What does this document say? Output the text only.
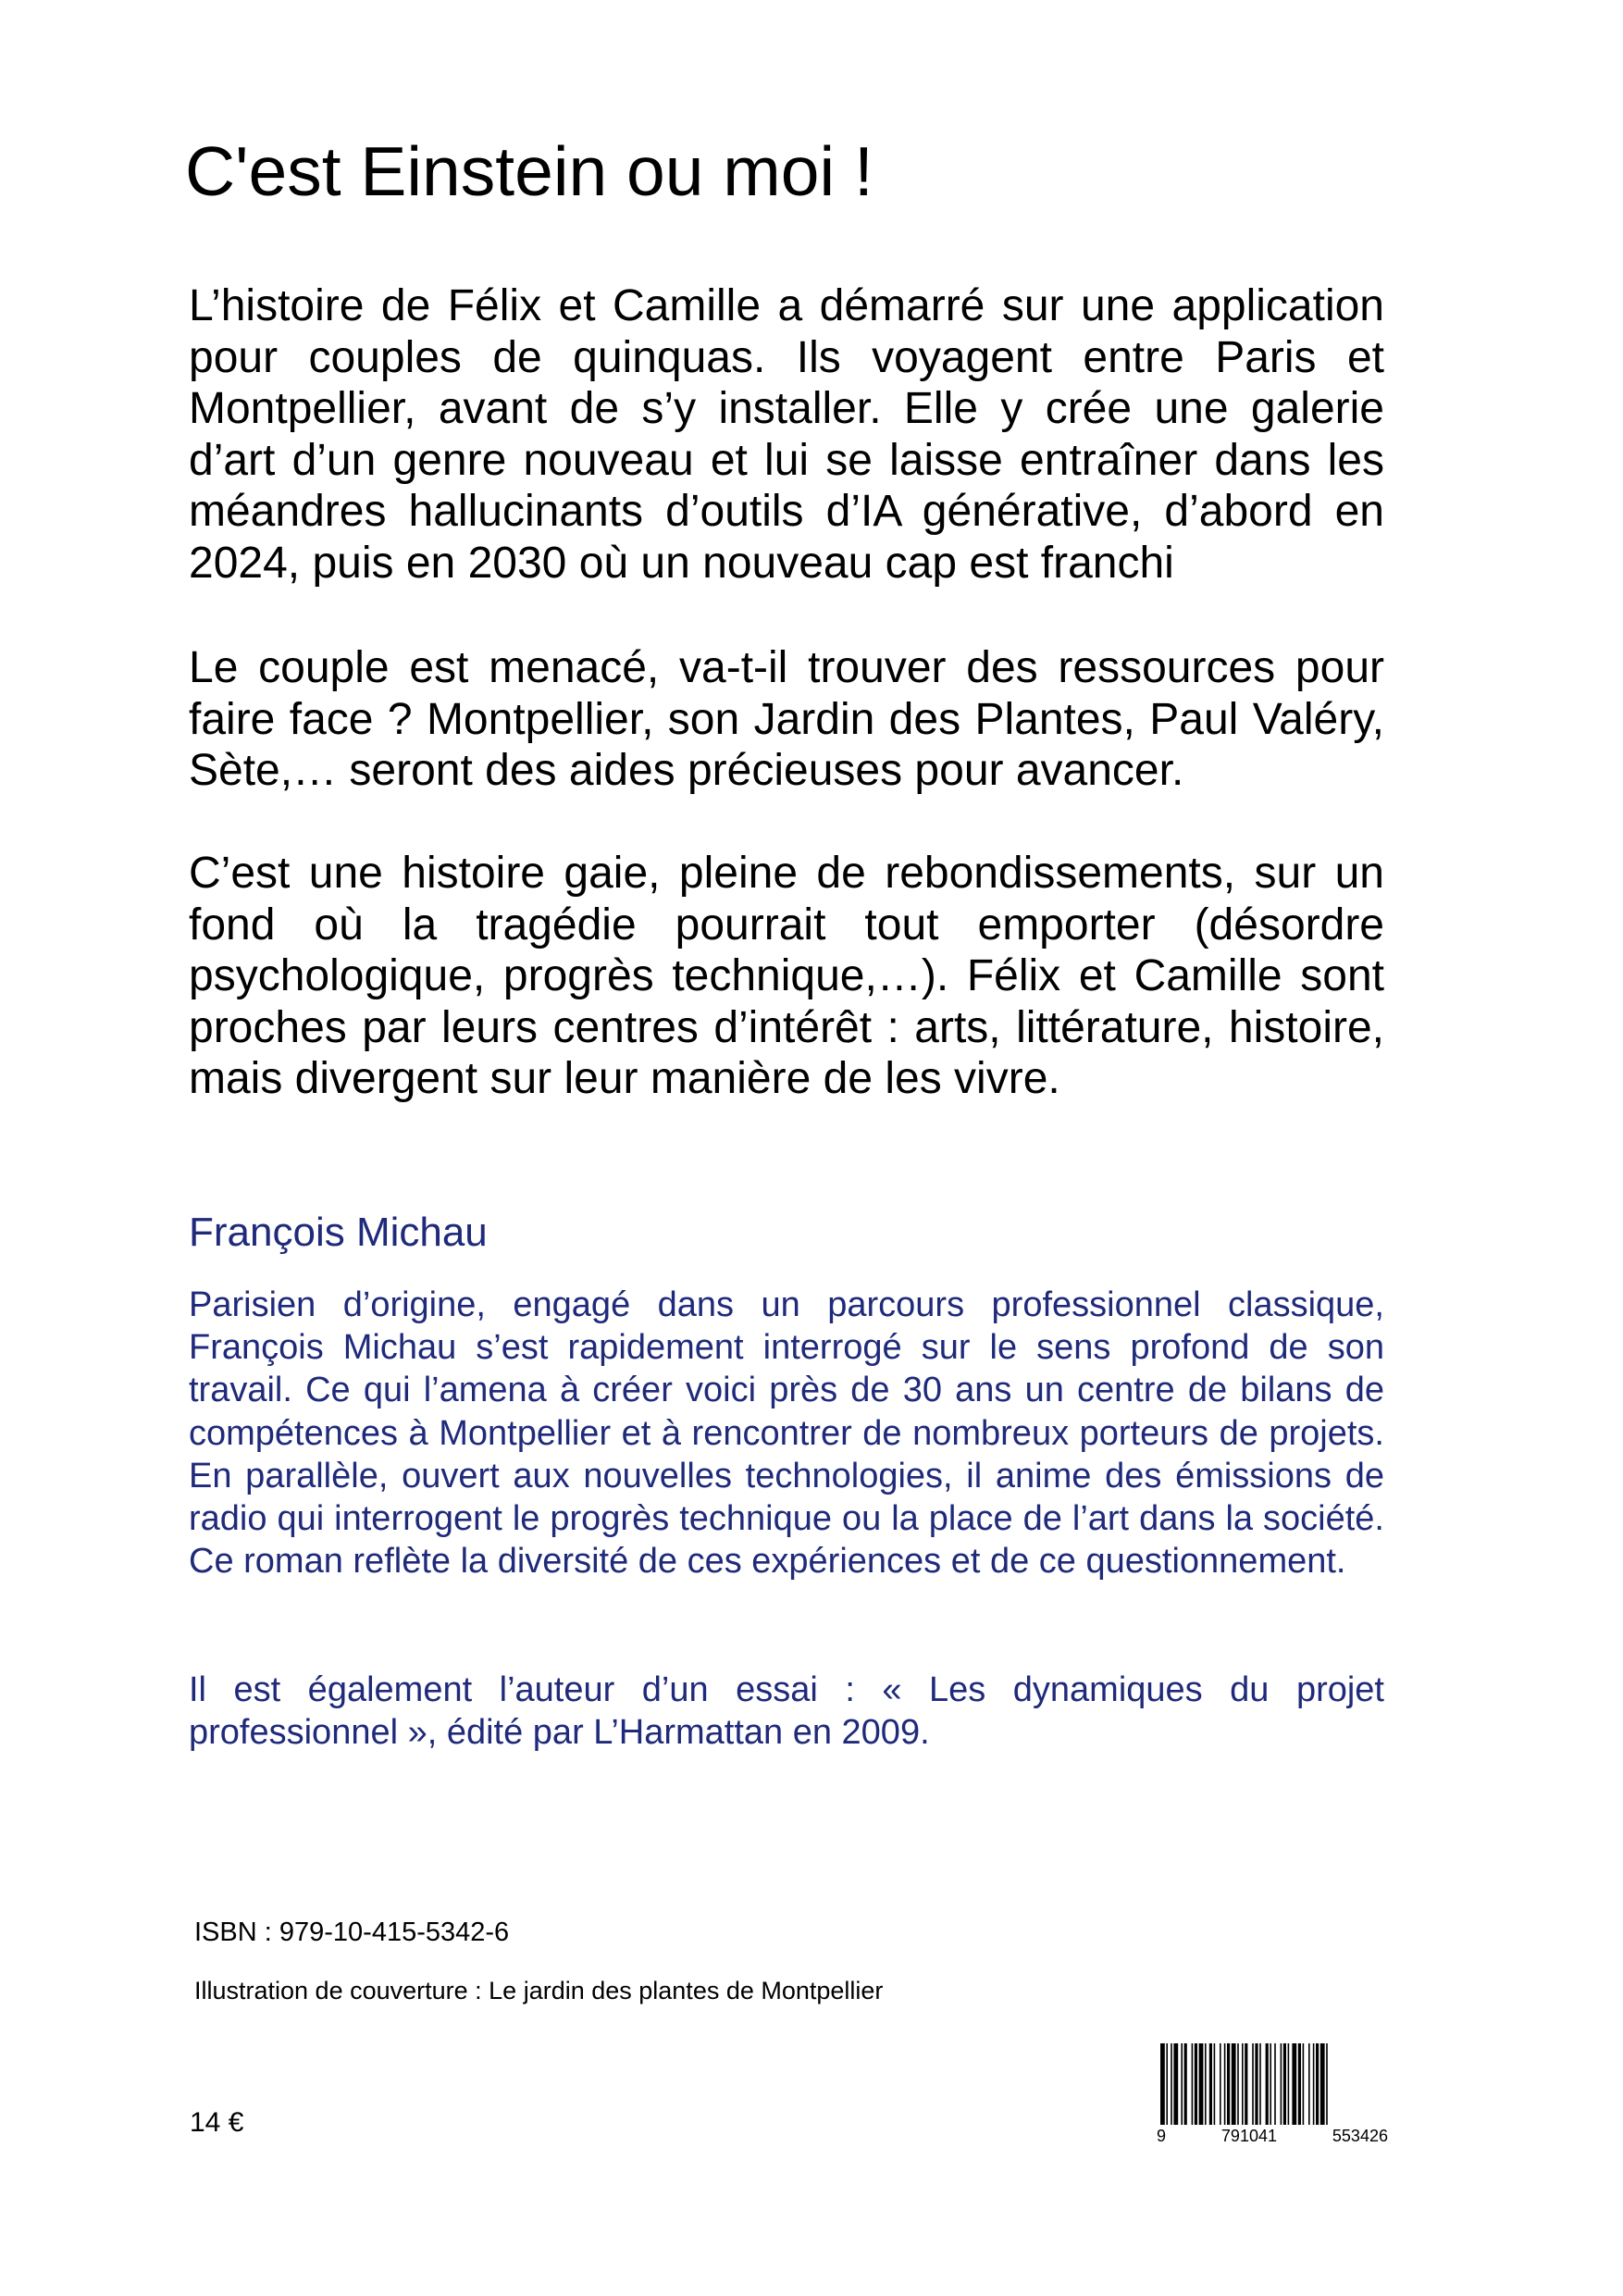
C'est Einstein ou moi !

L’histoire de Félix et Camille a démarré sur une application pour couples de quinquas. Ils voyagent entre Paris et Montpellier, avant de s’y installer. Elle y crée une galerie d’art d’un genre nouveau et lui se laisse entraîner dans les méandres hallucinants d’outils d’IA générative, d’abord en 2024, puis en 2030 où un nouveau cap est franchi

Le couple est menacé, va-t-il trouver des ressources pour faire face ? Montpellier, son Jardin des Plantes, Paul Valéry, Sète,… seront des aides précieuses pour avancer.

C’est une histoire gaie, pleine de rebondissements, sur un fond où la tragédie pourrait tout emporter (désordre psychologique, progrès technique,…). Félix et Camille sont proches par leurs centres d’intérêt : arts, littérature, histoire, mais divergent sur leur manière de les vivre.

François Michau

Parisien d’origine, engagé dans un parcours professionnel classique, François Michau s’est rapidement interrogé sur le sens profond de son travail. Ce qui l’amena à créer voici près de 30 ans un centre de bilans de compétences à Montpellier et à rencontrer de nombreux porteurs de projets. En parallèle, ouvert aux nouvelles technologies, il anime des émissions de radio qui interrogent le progrès technique ou la place de l’art dans la société. Ce roman reflète la diversité de ces expériences et de ce questionnement.

Il est également l’auteur d’un essai : « Les dynamiques du projet professionnel », édité par L’Harmattan en 2009.

ISBN : 979-10-415-5342-6
Illustration de couverture : Le jardin des plantes de Montpellier
14 €	9	791041	553426
